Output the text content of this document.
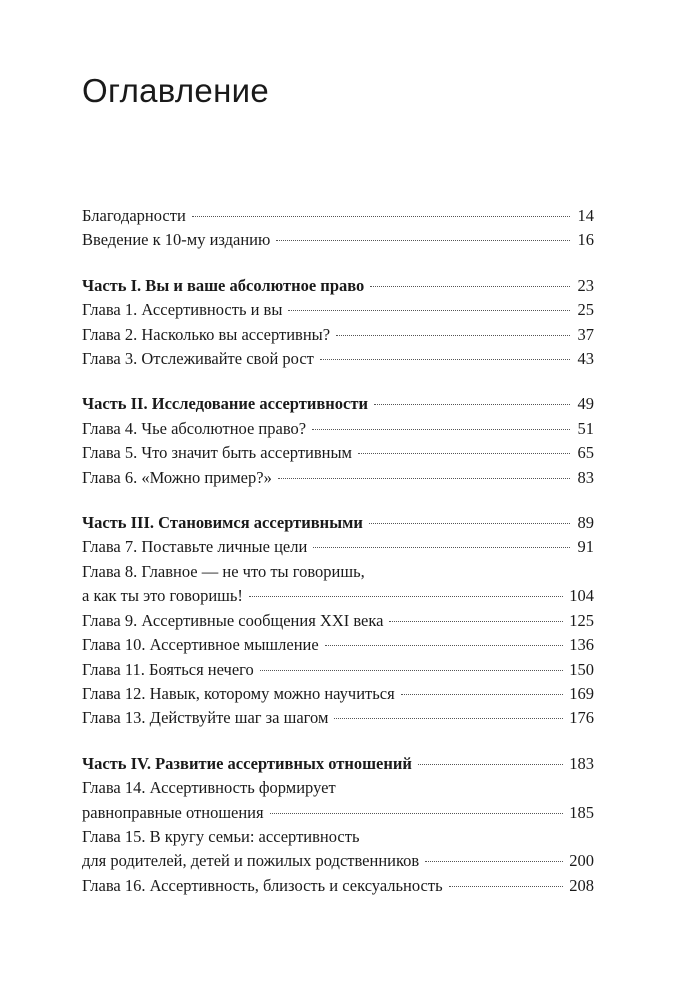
Оглавление
Благодарности	14
Введение к 10-му изданию	16
Часть I. Вы и ваше абсолютное право	23
Глава 1. Ассертивность и вы	25
Глава 2. Насколько вы ассертивны?	37
Глава 3. Отслеживайте свой рост	43
Часть II. Исследование ассертивности	49
Глава 4. Чье абсолютное право?	51
Глава 5. Что значит быть ассертивным	65
Глава 6. «Можно пример?»	83
Часть III. Становимся ассертивными	89
Глава 7. Поставьте личные цели	91
Глава 8. Главное — не что ты говоришь,
а как ты это говоришь!	104
Глава 9. Ассертивные сообщения XXI века	125
Глава 10. Ассертивное мышление	136
Глава 11. Бояться нечего	150
Глава 12. Навык, которому можно научиться	169
Глава 13. Действуйте шаг за шагом	176
Часть IV. Развитие ассертивных отношений	183
Глава 14. Ассертивность формирует
равноправные отношения	185
Глава 15. В кругу семьи: ассертивность
для родителей, детей и пожилых родственников	200
Глава 16. Ассертивность, близость и сексуальность	208
